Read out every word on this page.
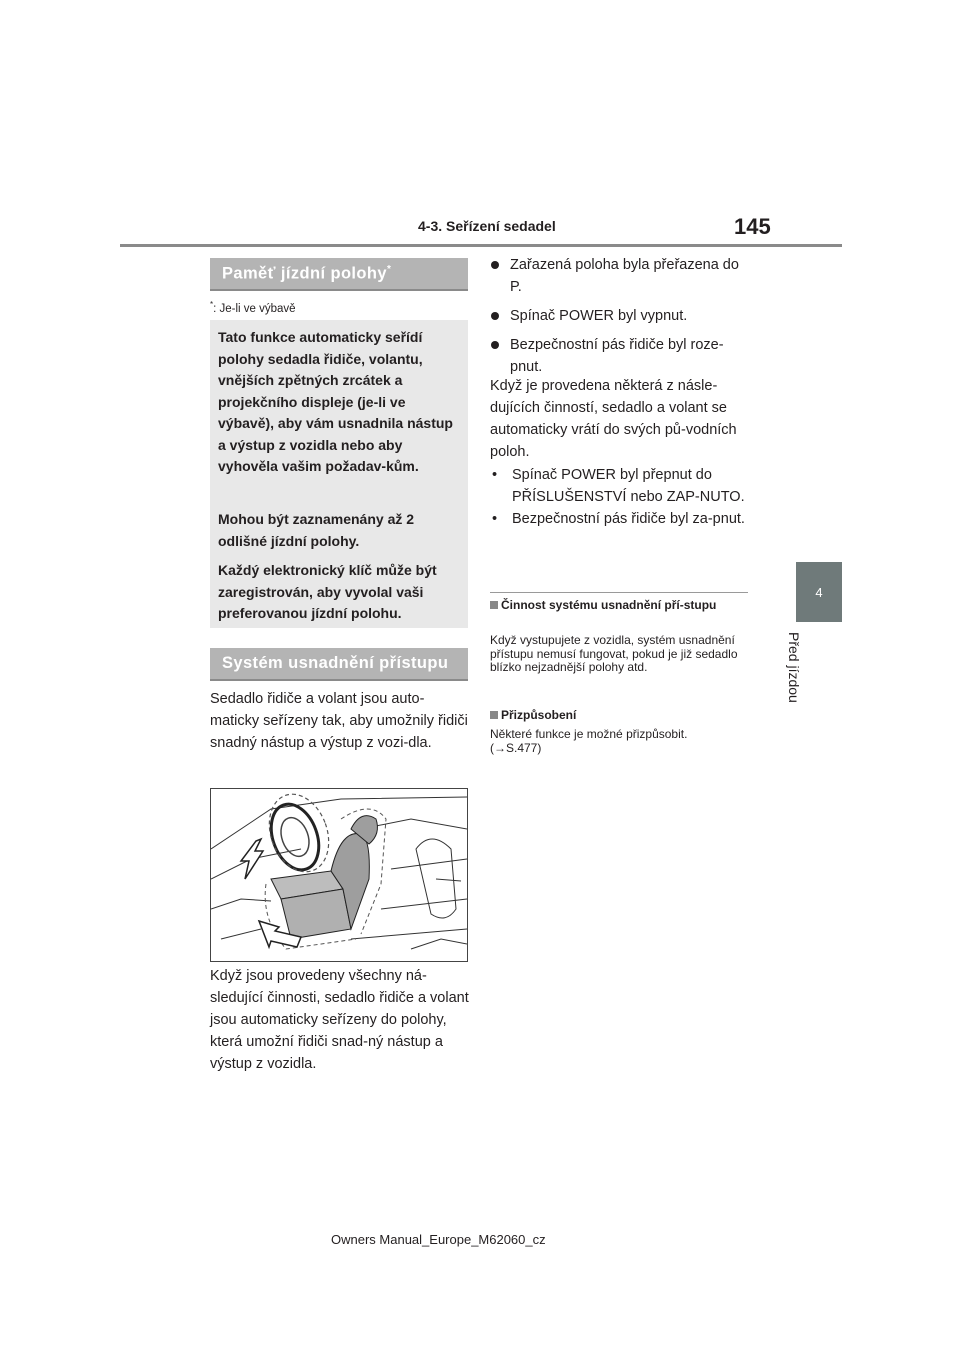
4-3. Seřízení sedadel	145
4
Před jízdou
Paměť jízdní polohy*
*: Je-li ve výbavě

Tato funkce automaticky seřídí polohy sedadla řidiče, volantu, vnějších zpětných zrcátek a projekčního displeje (je-li ve výbavě), aby vám usnadnila nástup a výstup z vozidla nebo aby vyhověla vašim požadav-kům.

Mohou být zaznamenány až 2 odlišné jízdní polohy.

Každý elektronický klíč může být zaregistrován, aby vyvolal vaši preferovanou jízdní polohu.

Systém usnadnění přístupu

Sedadlo řidiče a volant jsou auto-maticky seřízeny tak, aby umožnily řidiči snadný nástup a výstup z vozi-dla.

Když jsou provedeny všechny ná-sledující činnosti, sedadlo řidiče a volant jsou automaticky seřízeny do polohy, která umožní řidiči snad-ný nástup a výstup z vozidla.

Zařazená poloha byla přeřazena do P.
Spínač POWER byl vypnut.
Bezpečnostní pás řidiče byl roze-pnut.

Když je provedena některá z násle-dujících činností, sedadlo a volant se automaticky vrátí do svých pů-vodních poloh.

• Spínač POWER byl přepnut do PŘÍSLUŠENSTVÍ nebo ZAP-NUTO.
• Bezpečnostní pás řidiče byl za-pnut.

Činnost systému usnadnění pří-stupu

Když vystupujete z vozidla, systém usnadnění přístupu nemusí fungovat, pokud je již sedadlo blízko nejzadnější polohy atd.

Přizpůsobení

Některé funkce je možné přizpůsobit. (→S.477)

Owners Manual_Europe_M62060_cz
